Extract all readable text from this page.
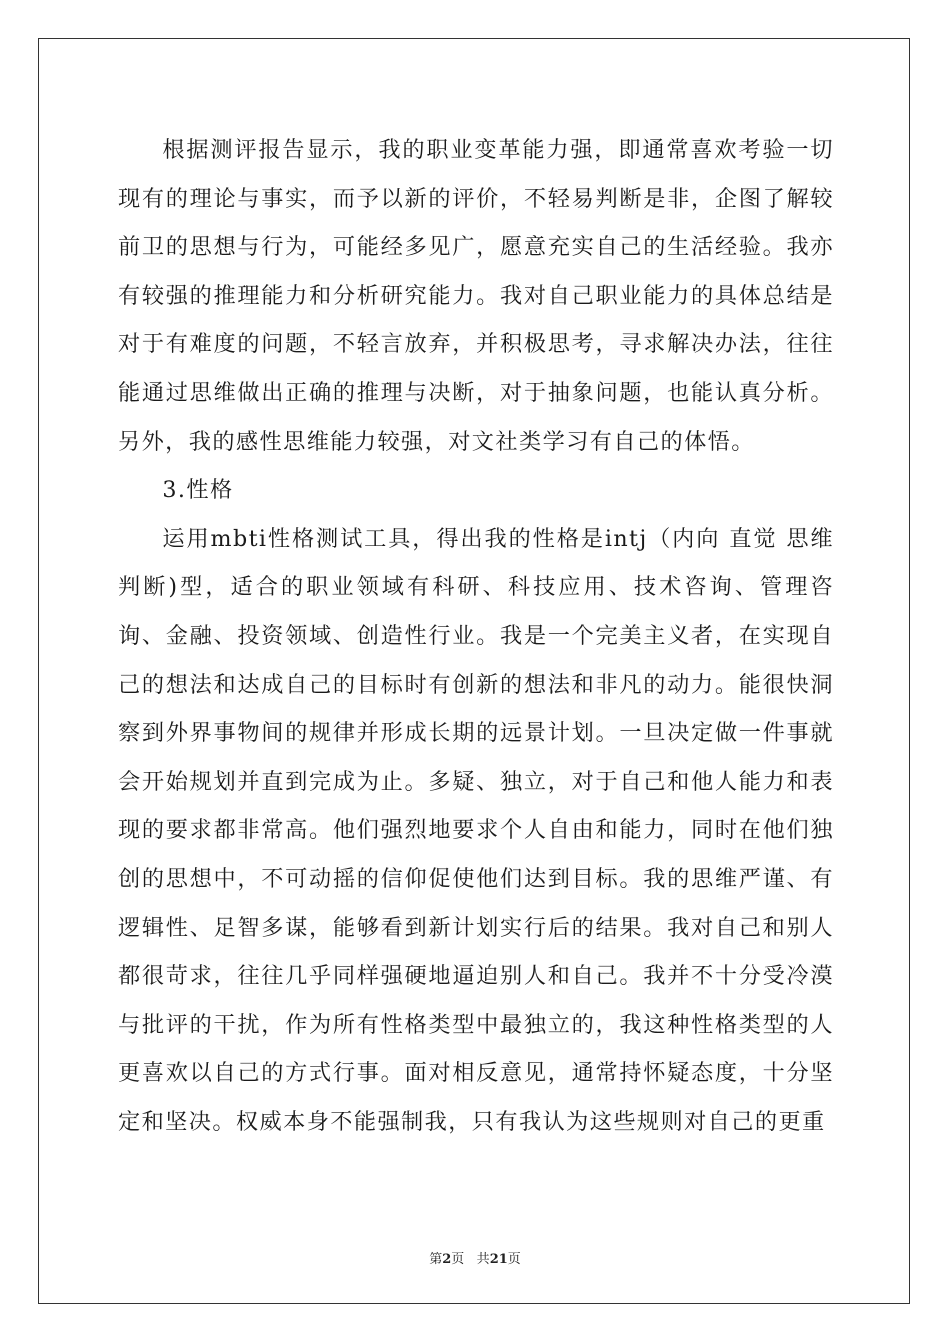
根据测评报告显示，我的职业变革能力强，即通常喜欢考验一切现有的理论与事实，而予以新的评价，不轻易判断是非，企图了解较前卫的思想与行为，可能经多见广，愿意充实自己的生活经验。我亦有较强的推理能力和分析研究能力。我对自己职业能力的具体总结是对于有难度的问题，不轻言放弃，并积极思考，寻求解决办法，往往能通过思维做出正确的推理与决断，对于抽象问题，也能认真分析。另外，我的感性思维能力较强，对文社类学习有自己的体悟。

3.性格

运用mbti性格测试工具，得出我的性格是intj（内向 直觉 思维判断)型，适合的职业领域有科研、科技应用、技术咨询、管理咨询、金融、投资领域、创造性行业。我是一个完美主义者，在实现自己的想法和达成自己的目标时有创新的想法和非凡的动力。能很快洞察到外界事物间的规律并形成长期的远景计划。一旦决定做一件事就会开始规划并直到完成为止。多疑、独立，对于自己和他人能力和表现的要求都非常高。他们强烈地要求个人自由和能力，同时在他们独创的思想中，不可动摇的信仰促使他们达到目标。我的思维严谨、有逻辑性、足智多谋，能够看到新计划实行后的结果。我对自己和别人都很苛求，往往几乎同样强硬地逼迫别人和自己。我并不十分受冷漠与批评的干扰，作为所有性格类型中最独立的，我这种性格类型的人更喜欢以自己的方式行事。面对相反意见，通常持怀疑态度，十分坚定和坚决。权威本身不能强制我，只有我认为这些规则对自己的更重

第2页 共21页
